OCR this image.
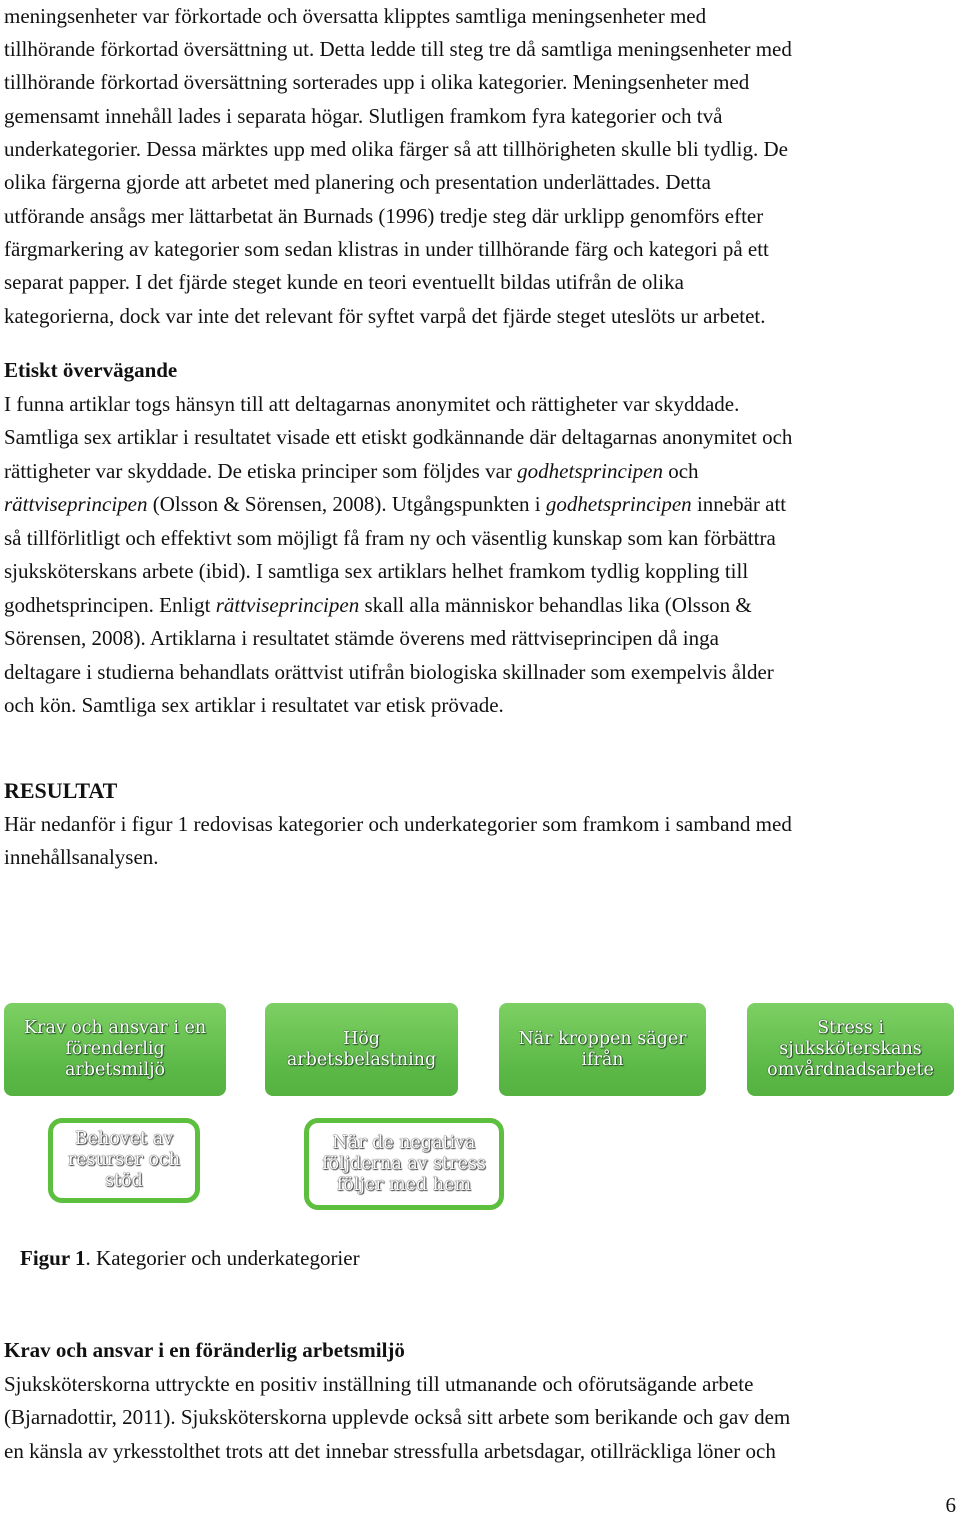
meningsenheter var förkortade och översatta klipptes samtliga meningsenheter med

tillhörande förkortad översättning ut. Detta ledde till steg tre då samtliga meningsenheter med

tillhörande förkortad översättning sorterades upp i olika kategorier. Meningsenheter med

gemensamt innehåll lades i separata högar. Slutligen framkom fyra kategorier och två

underkategorier. Dessa märktes upp med olika färger så att tillhörigheten skulle bli tydlig. De

olika färgerna gjorde att arbetet med planering och presentation underlättades. Detta

utförande ansågs mer lättarbetat än Burnads (1996) tredje steg där urklipp genomförs efter

färgmarkering av kategorier som sedan klistras in under tillhörande färg och kategori på ett

separat papper. I det fjärde steget kunde en teori eventuellt bildas utifrån de olika

kategorierna, dock var inte det relevant för syftet varpå det fjärde steget uteslöts ur arbetet.

Etiskt övervägande

I funna artiklar togs hänsyn till att deltagarnas anonymitet och rättigheter var skyddade.

Samtliga sex artiklar i resultatet visade ett etiskt godkännande där deltagarnas anonymitet och

rättigheter var skyddade. De etiska principer som följdes var godhetsprincipen och

rättviseprincipen (Olsson & Sörensen, 2008). Utgångspunkten i godhetsprincipen innebär att

så tillförlitligt och effektivt som möjligt få fram ny och väsentlig kunskap som kan förbättra

sjuksköterskans arbete (ibid). I samtliga sex artiklars helhet framkom tydlig koppling till

godhetsprincipen. Enligt rättviseprincipen skall alla människor behandlas lika (Olsson &

Sörensen, 2008). Artiklarna i resultatet stämde överens med rättviseprincipen då inga

deltagare i studierna behandlats orättvist utifrån biologiska skillnader som exempelvis ålder

och kön. Samtliga sex artiklar i resultatet var etisk prövade.

RESULTAT

Här nedanför i figur 1 redovisas kategorier och underkategorier som framkom i samband med

innehållsanalysen.

Krav och ansvar i en förenderlig arbetsmiljö
Hög arbetsbelastning
När kroppen säger ifrån
Stress i sjuksköterskans omvårdnadsarbete
Behovet av resurser och stöd
När de negativa följderna av stress följer med hem

Figur 1. Kategorier och underkategorier

Krav och ansvar i en föränderlig arbetsmiljö

Sjuksköterskorna uttryckte en positiv inställning till utmanande och oförutsägande arbete

(Bjarnadottir, 2011). Sjuksköterskorna upplevde också sitt arbete som berikande och gav dem

en känsla av yrkesstolthet trots att det innebar stressfulla arbetsdagar, otillräckliga löner och

6
